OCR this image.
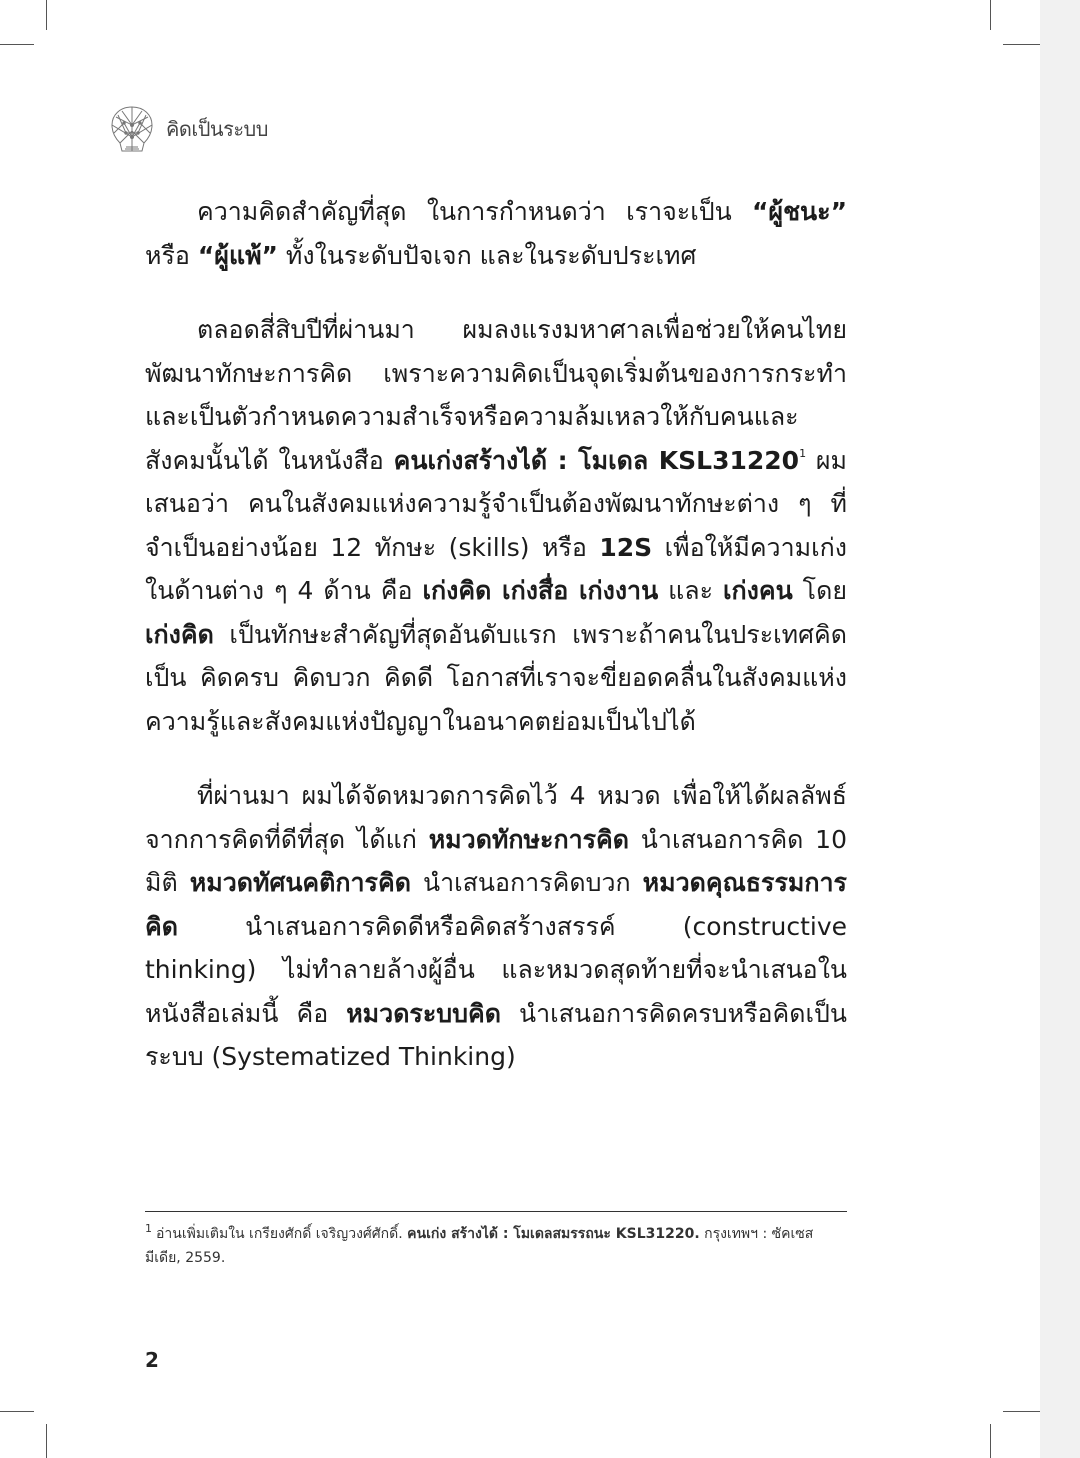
คิดเป็นระบบ

ความคิดสำคัญที่สุด ในการกำหนดว่า เราจะเป็น “ผู้ชนะ” หรือ “ผู้แพ้” ทั้งในระดับปัจเจก และในระดับประเทศ

ตลอดสี่สิบปีที่ผ่านมา ผมลงแรงมหาศาลเพื่อช่วยให้คนไทยพัฒนาทักษะการคิด เพราะความคิดเป็นจุดเริ่มต้นของการกระทำ และเป็นตัวกำหนดความสำเร็จหรือความล้มเหลวให้กับคนและสังคมนั้นได้ ในหนังสือ คนเก่งสร้างได้ : โมเดล KSL31220$^1$ ผมเสนอว่า คนในสังคมแห่งความรู้จำเป็นต้องพัฒนาทักษะต่าง ๆ ที่จำเป็นอย่างน้อย 12 ทักษะ (skills) หรือ 12S เพื่อให้มีความเก่งในด้านต่าง ๆ 4 ด้าน คือ เก่งคิด เก่งสื่อ เก่งงาน และ เก่งคน โดย เก่งคิด เป็นทักษะสำคัญที่สุดอันดับแรก เพราะถ้าคนในประเทศคิดเป็น คิดครบ คิดบวก คิดดี โอกาสที่เราจะขี่ยอดคลื่นในสังคมแห่งความรู้และสังคมแห่งปัญญาในอนาคตย่อมเป็นไปได้

ที่ผ่านมา ผมได้จัดหมวดการคิดไว้ 4 หมวด เพื่อให้ได้ผลลัพธ์จากการคิดที่ดีที่สุด ได้แก่ หมวดทักษะการคิด นำเสนอการคิด 10 มิติ หมวดทัศนคติการคิด นำเสนอการคิดบวก หมวดคุณธรรมการคิด นำเสนอการคิดดีหรือคิดสร้างสรรค์ (constructive thinking) ไม่ทำลายล้างผู้อื่น และหมวดสุดท้ายที่จะนำเสนอในหนังสือเล่มนี้ คือ หมวดระบบคิด นำเสนอการคิดครบหรือคิดเป็นระบบ (Systematized Thinking)

$^1$ อ่านเพิ่มเติมใน เกรียงศักดิ์ เจริญวงศ์ศักดิ์. คนเก่ง สร้างได้ : โมเดลสมรรถนะ KSL31220. กรุงเทพฯ : ซัคเซส มีเดีย, 2559.
2
